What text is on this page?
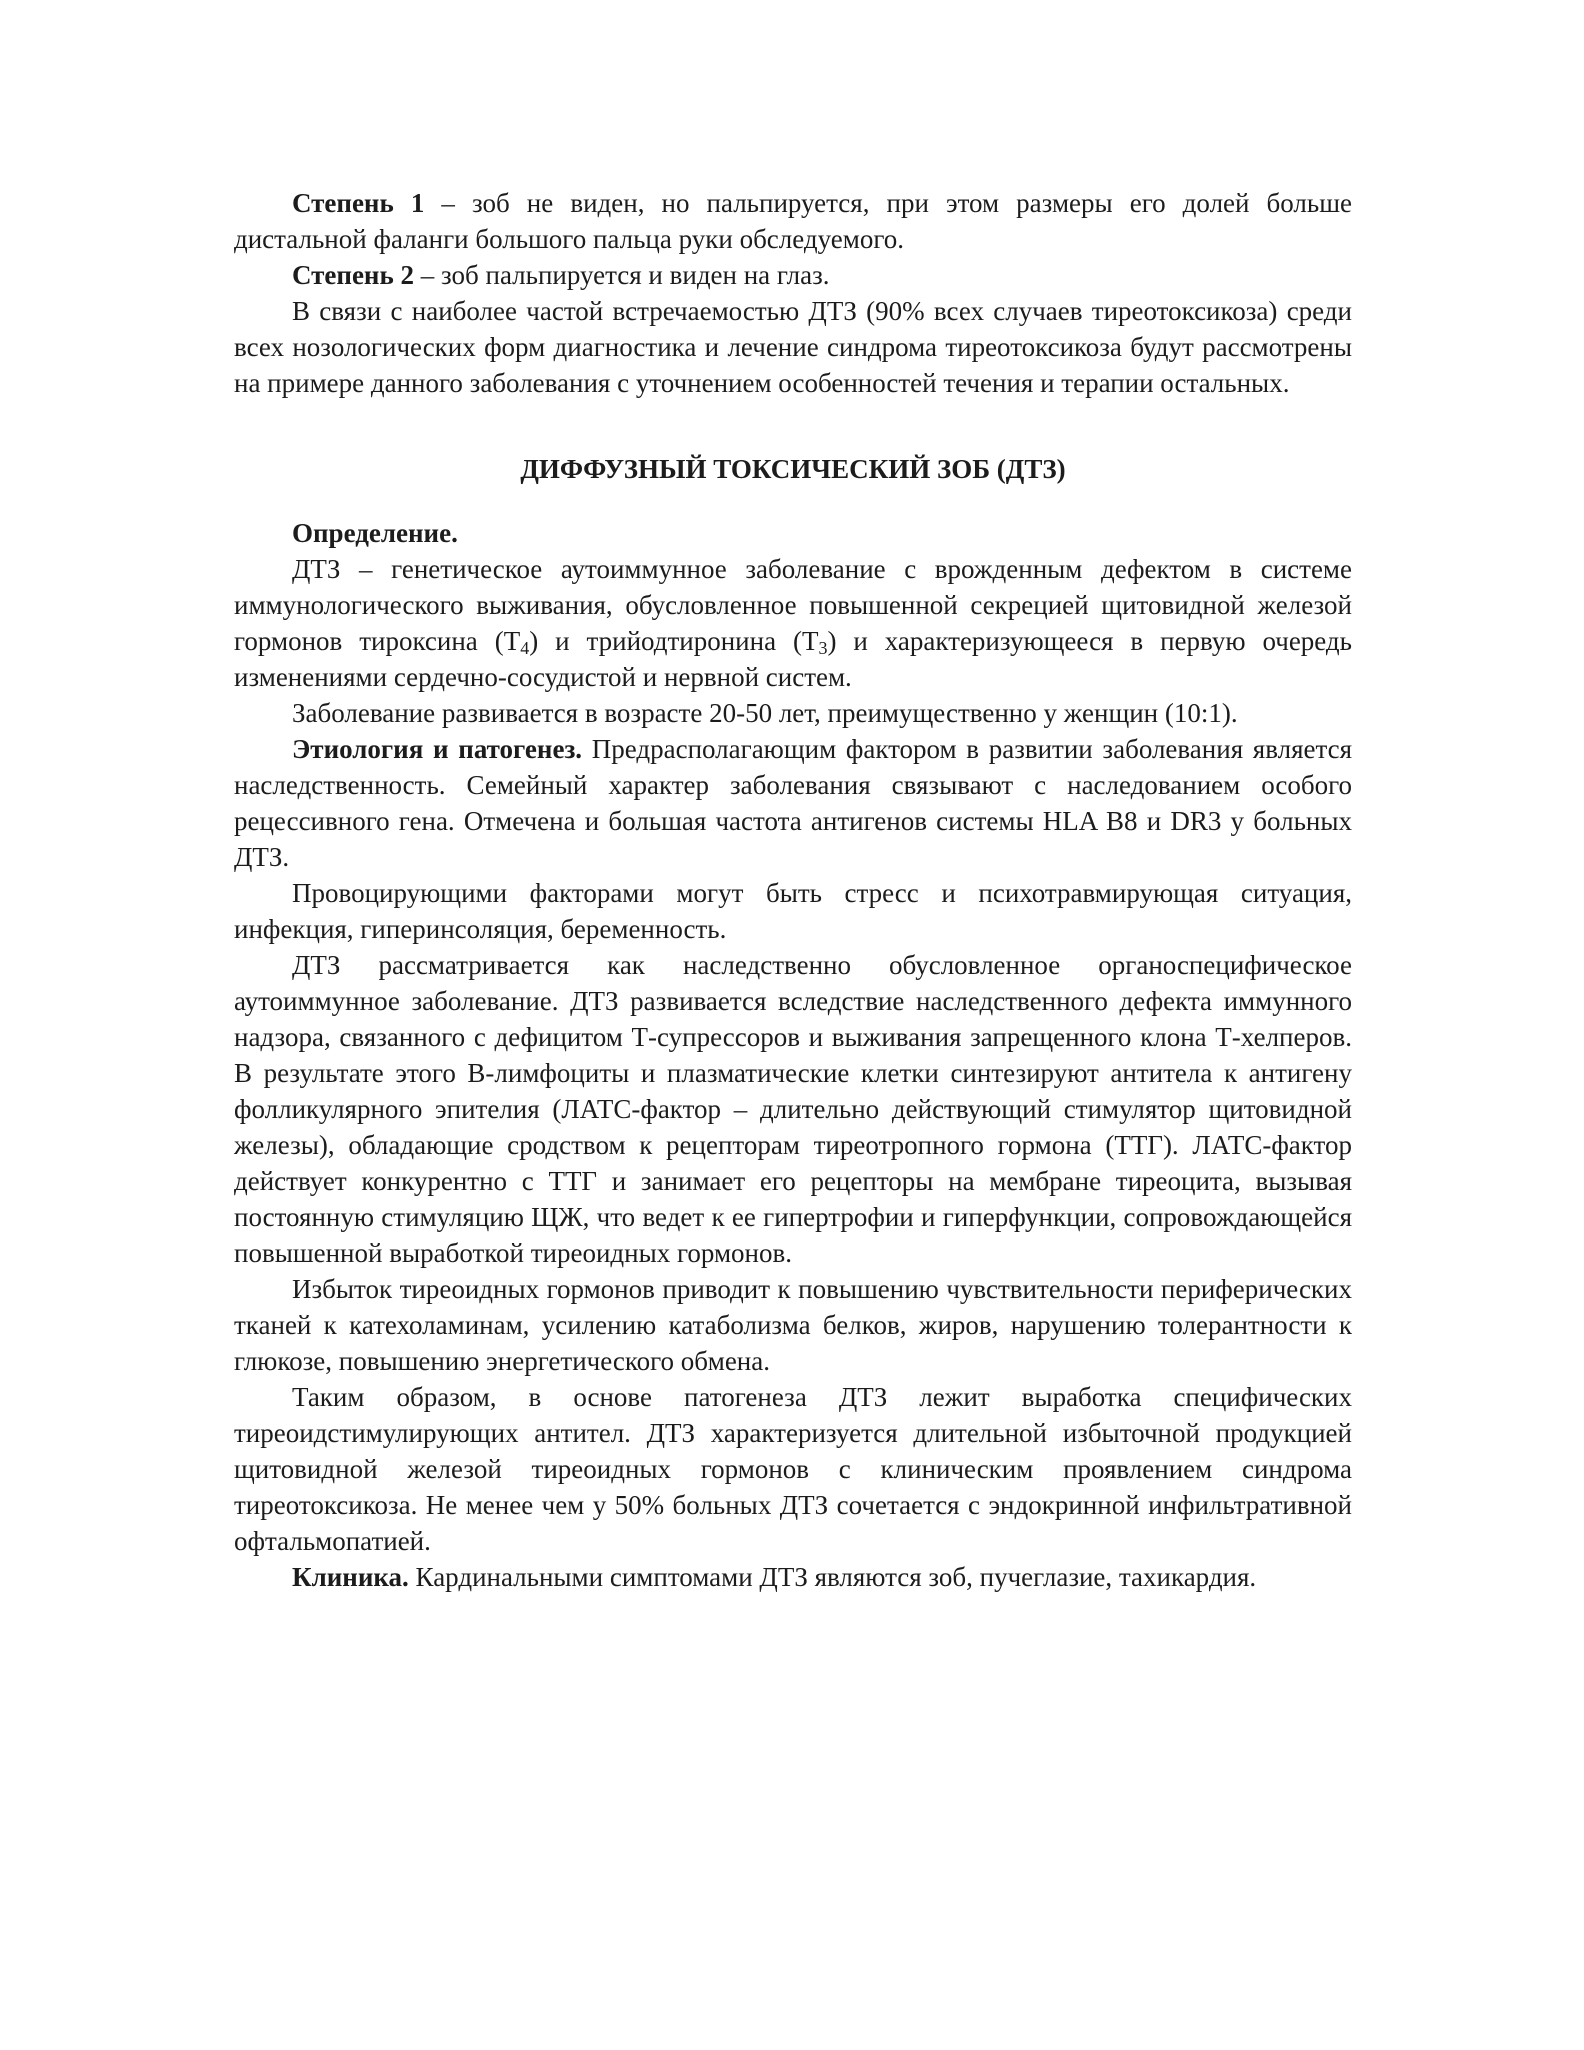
Степень 1 – зоб не виден, но пальпируется, при этом размеры его долей больше дистальной фаланги большого пальца руки обследуемого.

Степень 2 – зоб пальпируется и виден на глаз.

В связи с наиболее частой встречаемостью ДТЗ (90% всех случаев тиреотоксикоза) среди всех нозологических форм диагностика и лечение синдрома тиреотоксикоза будут рассмотрены на примере данного заболевания с уточнением особенностей течения и терапии остальных.

ДИФФУЗНЫЙ ТОКСИЧЕСКИЙ ЗОБ (ДТЗ)

Определение.

ДТЗ – генетическое аутоиммунное заболевание с врожденным дефектом в системе иммунологического выживания, обусловленное повышенной секрецией щитовидной железой гормонов тироксина $(Т_4)$ и трийодтиронина $(Т_3)$ и характеризующееся в первую очередь изменениями сердечно-сосудистой и нервной систем.

Заболевание развивается в возрасте 20-50 лет, преимущественно у женщин (10:1).

Этиология и патогенез. Предрасполагающим фактором в развитии заболевания является наследственность. Семейный характер заболевания связывают с наследованием особого рецессивного гена. Отмечена и большая частота антигенов системы HLA B8 и DR3 у больных ДТЗ.

Провоцирующими факторами могут быть стресс и психотравмирующая ситуация, инфекция, гиперинсоляция, беременность.

ДТЗ рассматривается как наследственно обусловленное органоспецифическое аутоиммунное заболевание. ДТЗ развивается вследствие наследственного дефекта иммунного надзора, связанного с дефицитом Т-супрессоров и выживания запрещенного клона Т-хелперов. В результате этого В-лимфоциты и плазматические клетки синтезируют антитела к антигену фолликулярного эпителия (ЛАТС-фактор – длительно действующий стимулятор щитовидной железы), обладающие сродством к рецепторам тиреотропного гормона (ТТГ). ЛАТС-фактор действует конкурентно с ТТГ и занимает его рецепторы на мембране тиреоцита, вызывая постоянную стимуляцию ЩЖ, что ведет к ее гипертрофии и гиперфункции, сопровождающейся повышенной выработкой тиреоидных гормонов.

Избыток тиреоидных гормонов приводит к повышению чувствительности периферических тканей к катехоламинам, усилению катаболизма белков, жиров, нарушению толерантности к глюкозе, повышению энергетического обмена.

Таким образом, в основе патогенеза ДТЗ лежит выработка специфических тиреоидстимулирующих антител. ДТЗ характеризуется длительной избыточной продукцией щитовидной железой тиреоидных гормонов с клиническим проявлением синдрома тиреотоксикоза. Не менее чем у 50% больных ДТЗ сочетается с эндокринной инфильтративной офтальмопатией.

Клиника. Кардинальными симптомами ДТЗ являются зоб, пучеглазие, тахикардия.
